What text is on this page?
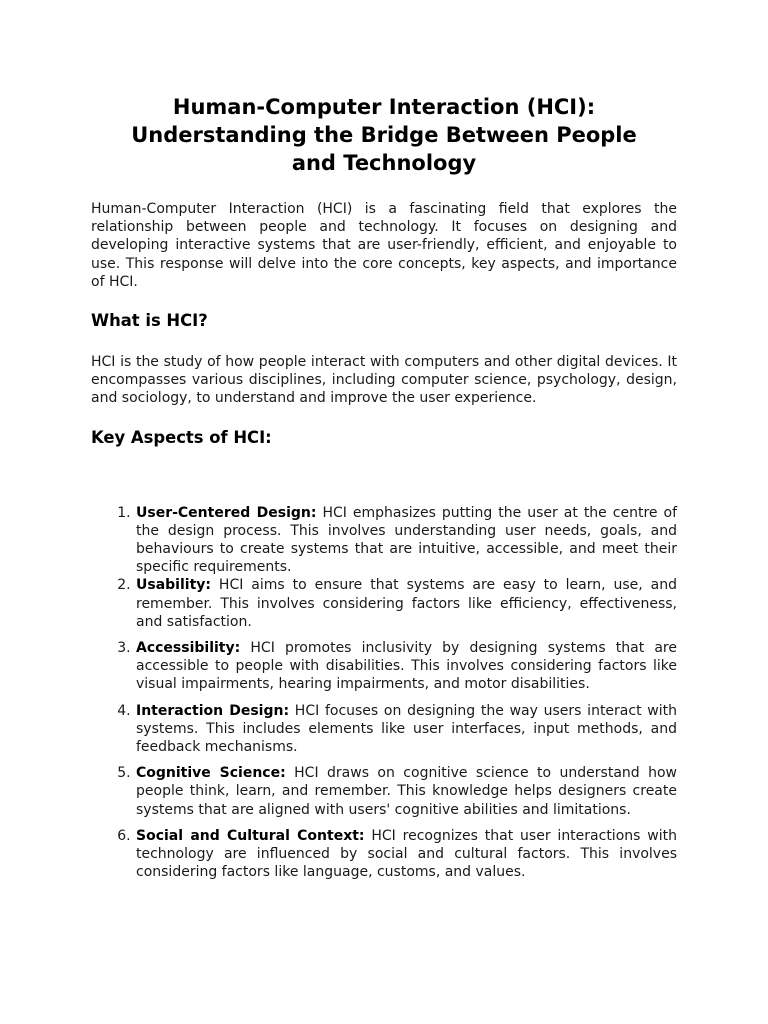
Human-Computer Interaction (HCI):
Understanding the Bridge Between People
and Technology

Human-Computer Interaction (HCI) is a fascinating field that explores the relationship between people and technology. It focuses on designing and developing interactive systems that are user-friendly, efficient, and enjoyable to use. This response will delve into the core concepts, key aspects, and importance of HCI.

What is HCI?

HCI is the study of how people interact with computers and other digital devices. It encompasses various disciplines, including computer science, psychology, design, and sociology, to understand and improve the user experience.

Key Aspects of HCI:
1. User-Centered Design: HCI emphasizes putting the user at the centre of the design process. This involves understanding user needs, goals, and behaviours to create systems that are intuitive, accessible, and meet their specific requirements.
2. Usability: HCI aims to ensure that systems are easy to learn, use, and remember. This involves considering factors like efficiency, effectiveness, and satisfaction.
3. Accessibility: HCI promotes inclusivity by designing systems that are accessible to people with disabilities. This involves considering factors like visual impairments, hearing impairments, and motor disabilities.
4. Interaction Design: HCI focuses on designing the way users interact with systems. This includes elements like user interfaces, input methods, and feedback mechanisms.
5. Cognitive Science: HCI draws on cognitive science to understand how people think, learn, and remember. This knowledge helps designers create systems that are aligned with users' cognitive abilities and limitations.
6. Social and Cultural Context: HCI recognizes that user interactions with technology are influenced by social and cultural factors. This involves considering factors like language, customs, and values.
